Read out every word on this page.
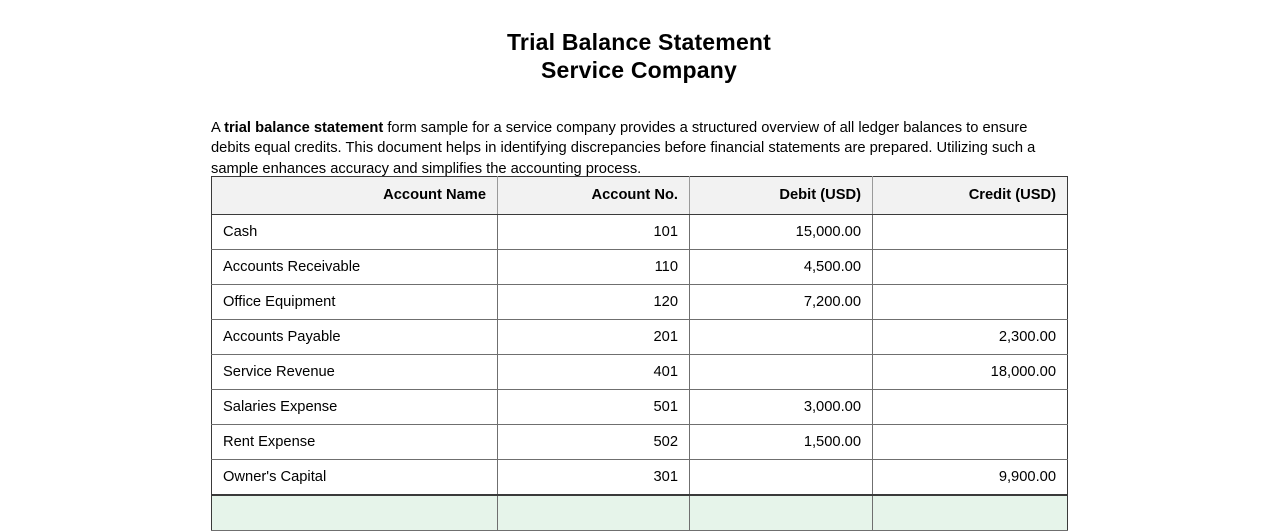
Trial Balance Statement
Service Company

A trial balance statement form sample for a service company provides a structured overview of all ledger balances to ensure debits equal credits. This document helps in identifying discrepancies before financial statements are prepared. Utilizing such a sample enhances accuracy and simplifies the accounting process.

Account Name	Account No.	Debit (USD)	Credit (USD)
Cash	101	15,000.00	
Accounts Receivable	110	4,500.00	
Office Equipment	120	7,200.00	
Accounts Payable	201		2,300.00
Service Revenue	401		18,000.00
Salaries Expense	501	3,000.00	
Rent Expense	502	1,500.00	
Owner's Capital	301		9,900.00
